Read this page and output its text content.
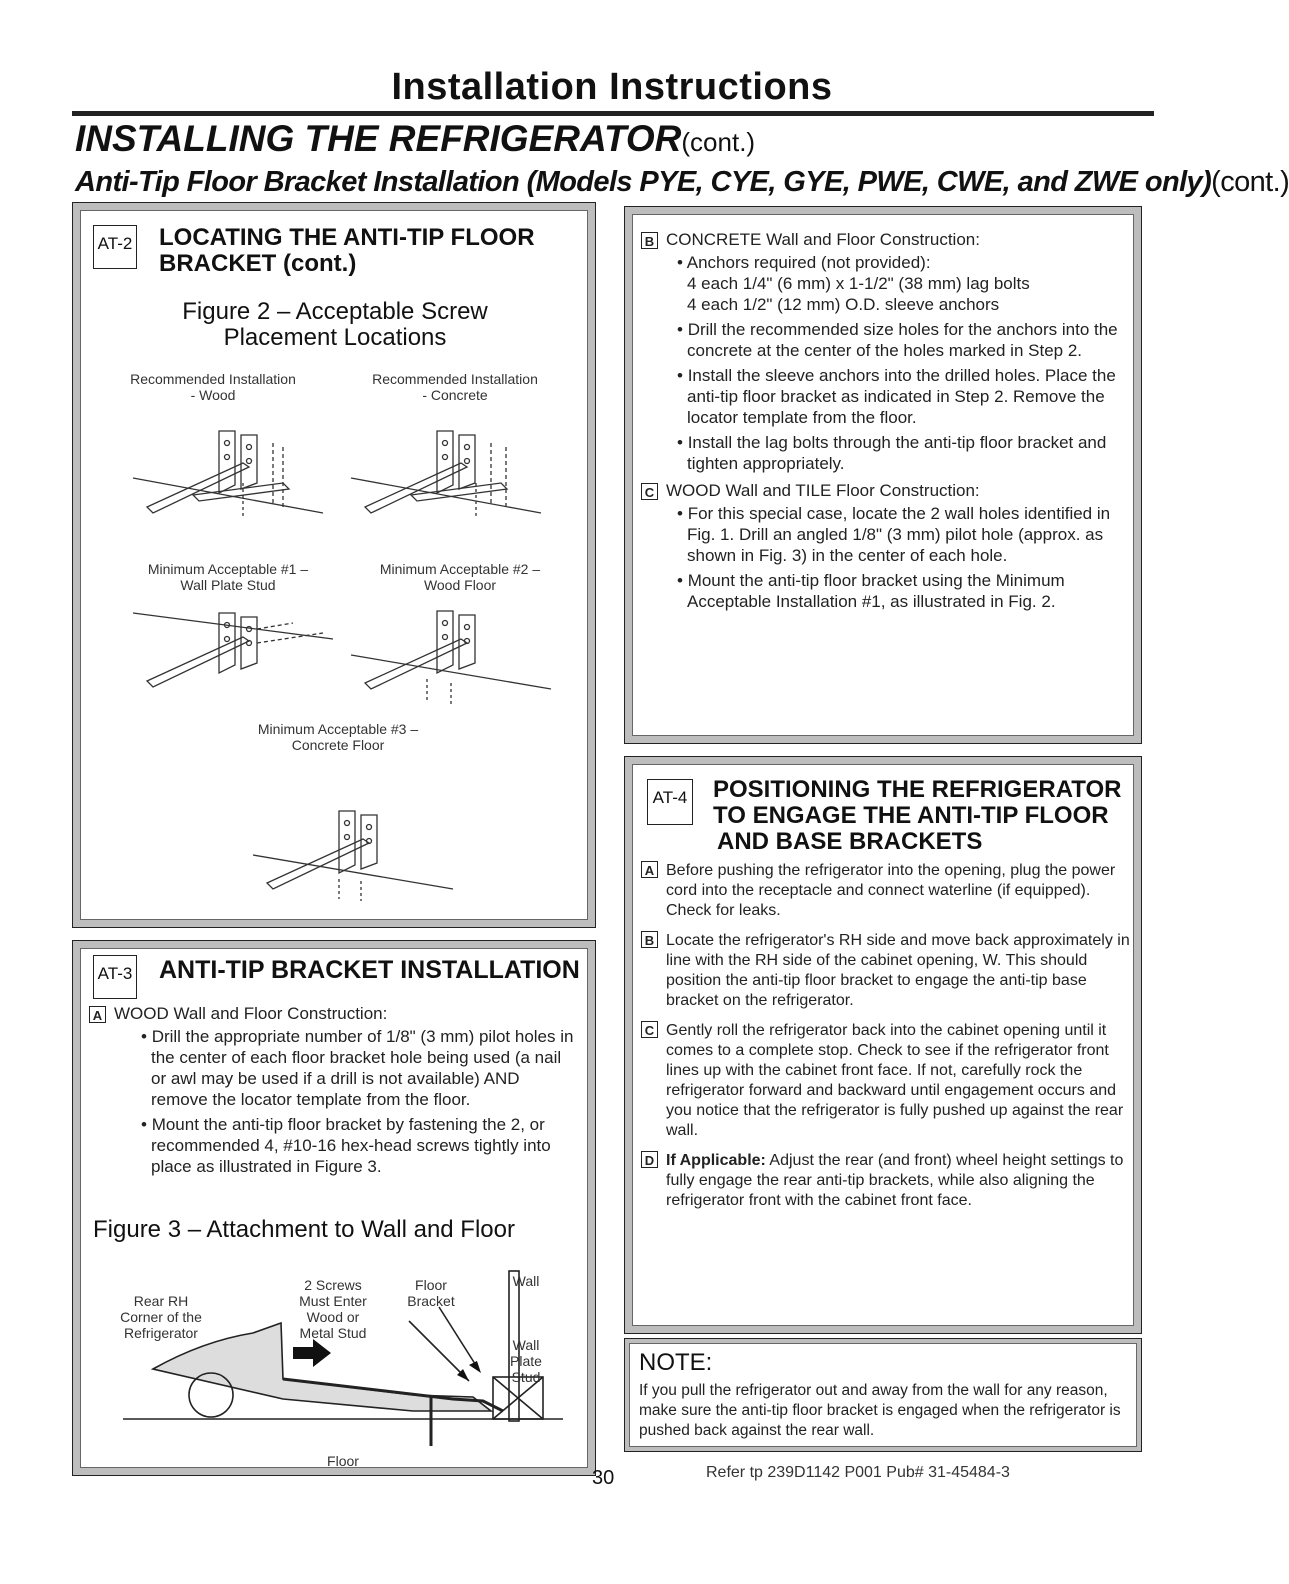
Installation Instructions
INSTALLING THE REFRIGERATOR(cont.)
Anti-Tip Floor Bracket Installation (Models PYE, CYE, GYE, PWE, CWE, and ZWE only)(cont.)
AT-2 LOCATING THE ANTI-TIP FLOOR
BRACKET (cont.)
Figure 2 – Acceptable Screw
Placement Locations
Recommended Installation
- Wood
Recommended Installation
- Concrete
Minimum Acceptable #1 –
Wall Plate Stud
Minimum Acceptable #2 –
Wood Floor
Minimum Acceptable #3 –
Concrete Floor
AT-3 ANTI-TIP BRACKET INSTALLATION
A WOOD Wall and Floor Construction:
• Drill the appropriate number of 1/8" (3 mm) pilot holes in the center of each floor bracket hole being used (a nail or awl may be used if a drill is not available) AND remove the locator template from the floor.
• Mount the anti-tip floor bracket by fastening the 2, or recommended 4, #10-16 hex-head screws tightly into place as illustrated in Figure 3.
Figure 3 – Attachment to Wall and Floor
Rear RH
Corner of the
Refrigerator
2 Screws
Must Enter
Wood or
Metal Stud
Floor
Bracket
Wall
Wall
Plate
Stud
Floor
B CONCRETE Wall and Floor Construction:
• Anchors required (not provided):
4 each 1/4" (6 mm) x 1-1/2" (38 mm) lag bolts
4 each 1/2" (12 mm) O.D. sleeve anchors
• Drill the recommended size holes for the anchors into the concrete at the center of the holes marked in Step 2.
• Install the sleeve anchors into the drilled holes. Place the anti-tip floor bracket as indicated in Step 2. Remove the locator template from the floor.
• Install the lag bolts through the anti-tip floor bracket and tighten appropriately.
C WOOD Wall and TILE Floor Construction:
• For this special case, locate the 2 wall holes identified in Fig. 1. Drill an angled 1/8" (3 mm) pilot hole (approx. as shown in Fig. 3) in the center of each hole.
• Mount the anti-tip floor bracket using the Minimum Acceptable Installation #1, as illustrated in Fig. 2.
AT-4 POSITIONING THE REFRIGERATOR
TO ENGAGE THE ANTI-TIP FLOOR
AND BASE BRACKETS
A Before pushing the refrigerator into the opening, plug the power cord into the receptacle and connect waterline (if equipped). Check for leaks.
B Locate the refrigerator's RH side and move back approximately in line with the RH side of the cabinet opening, W. This should position the anti-tip floor bracket to engage the anti-tip base bracket on the refrigerator.
C Gently roll the refrigerator back into the cabinet opening until it comes to a complete stop. Check to see if the refrigerator front lines up with the cabinet front face. If not, carefully rock the refrigerator forward and backward until engagement occurs and you notice that the refrigerator is fully pushed up against the rear wall.
D If Applicable: Adjust the rear (and front) wheel height settings to fully engage the rear anti-tip brackets, while also aligning the refrigerator front with the cabinet front face.
NOTE:
If you pull the refrigerator out and away from the wall for any reason, make sure the anti-tip floor bracket is engaged when the refrigerator is pushed back against the rear wall.
30	Refer tp 239D1142 P001 Pub# 31-45484-3
